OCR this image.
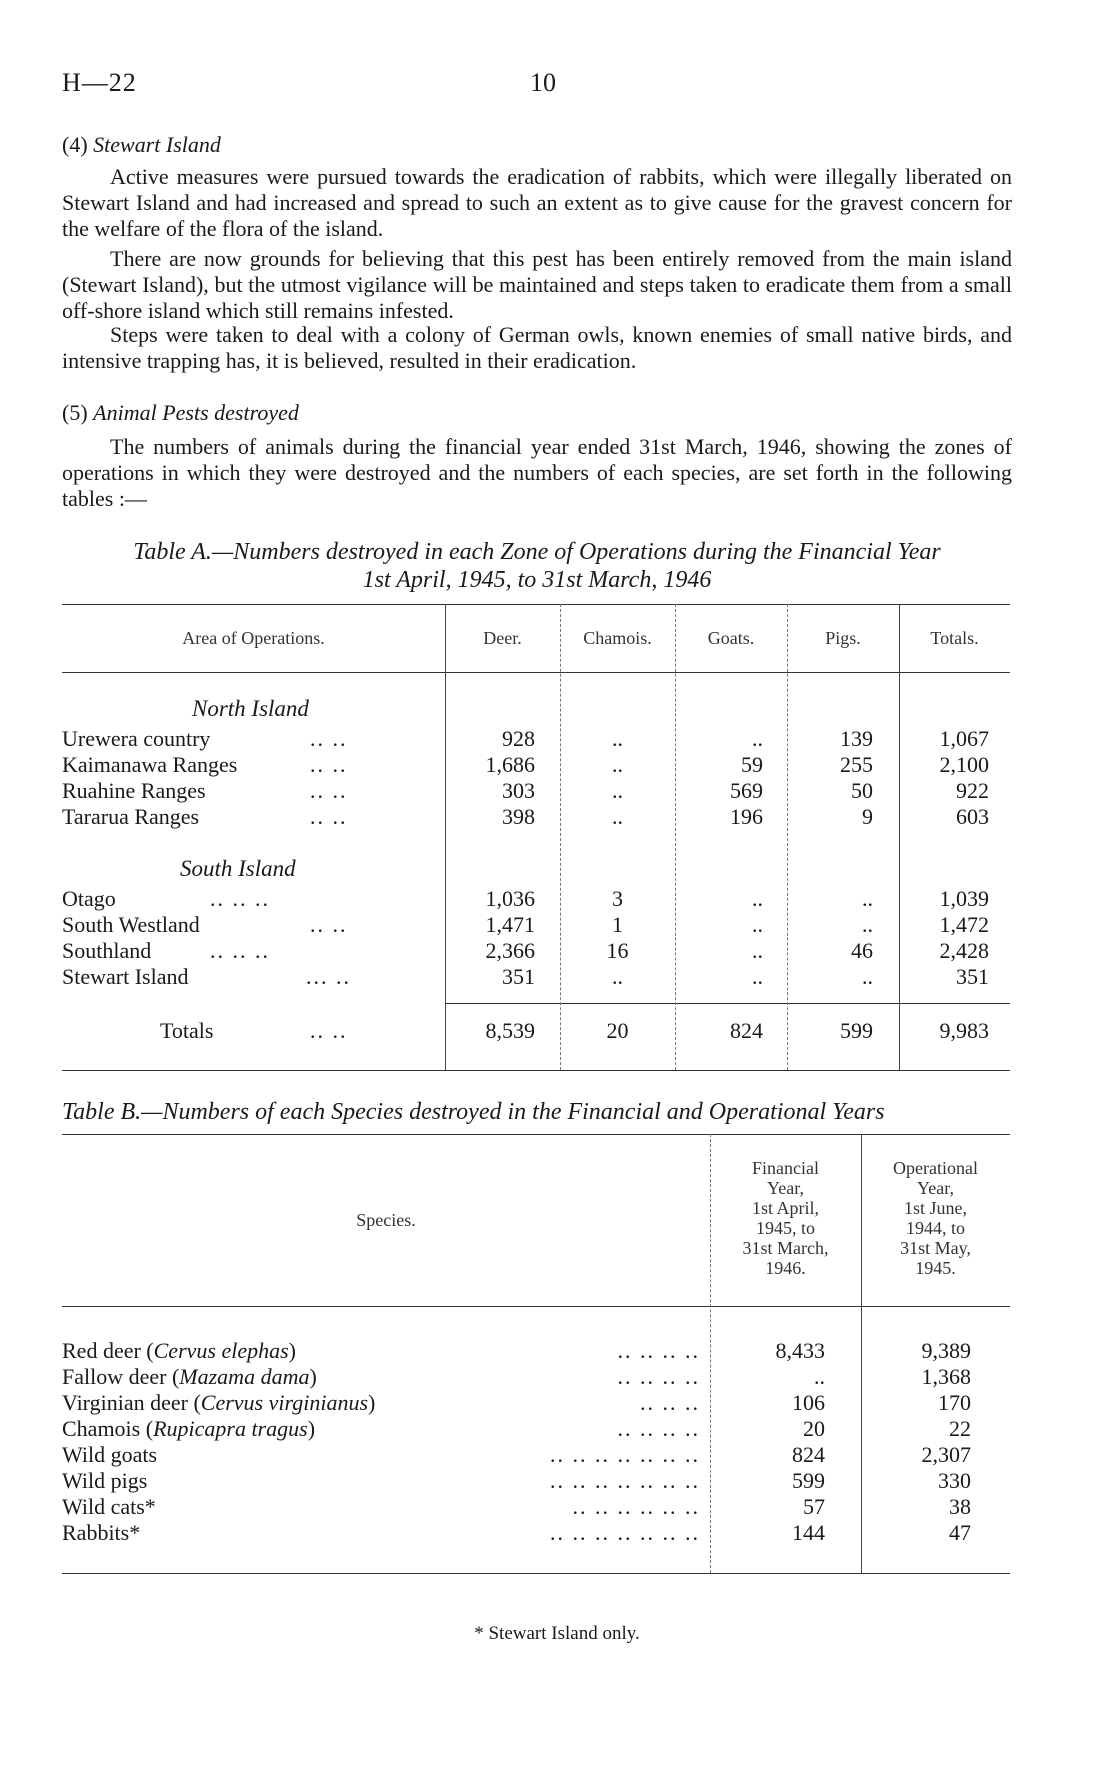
H—22	10
(4) Stewart Island

Active measures were pursued towards the eradication of rabbits, which were illegally liberated on Stewart Island and had increased and spread to such an extent as to give cause for the gravest concern for the welfare of the flora of the island.

There are now grounds for believing that this pest has been entirely removed from the main island (Stewart Island), but the utmost vigilance will be maintained and steps taken to eradicate them from a small off-shore island which still remains infested.

Steps were taken to deal with a colony of German owls, known enemies of small native birds, and intensive trapping has, it is believed, resulted in their eradication.

(5) Animal Pests destroyed

The numbers of animals during the financial year ended 31st March, 1946, showing the zones of operations in which they were destroyed and the numbers of each species, are set forth in the following tables :—

Table A.—Numbers destroyed in each Zone of Operations during the Financial Year
1st April, 1945, to 31st March, 1946
Area of Operations.	Deer.	Chamois.	Goats.	Pigs.	Totals.
North Island
Urewera country	.. ..	928	..	..	139	1,067
Kaimanawa Ranges	.. ..	1,686	..	59	255	2,100
Ruahine Ranges	.. ..	303	..	569	50	922
Tararua Ranges	.. ..	398	..	196	9	603
South Island
Otago	.. .. ..	1,036	3	..	..	1,039
South Westland	.. ..	1,471	1	..	..	1,472
Southland	.. .. ..	2,366	16	..	46	2,428
Stewart Island	... ..	351	..	..	..	351
Totals	.. ..	8,539	20	824	599	9,983
Table B.—Numbers of each Species destroyed in the Financial and Operational Years
Species.
Financial
Year,
1st April,
1945, to
31st March,
1946.
Operational
Year,
1st June,
1944, to
31st May,
1945.
Red deer (Cervus elephas)	.. .. .. ..	8,433	9,389
Fallow deer (Mazama dama)	.. .. .. ..	..	1,368
Virginian deer (Cervus virginianus)	.. .. ..	106	170
Chamois (Rupicapra tragus)	.. .. .. ..	20	22
Wild goats	.. .. .. .. .. .. ..	824	2,307
Wild pigs	.. .. .. .. .. .. ..	599	330
Wild cats*	.. .. .. .. .. ..	57	38
Rabbits*	.. .. .. .. .. .. ..	144	47
* Stewart Island only.
